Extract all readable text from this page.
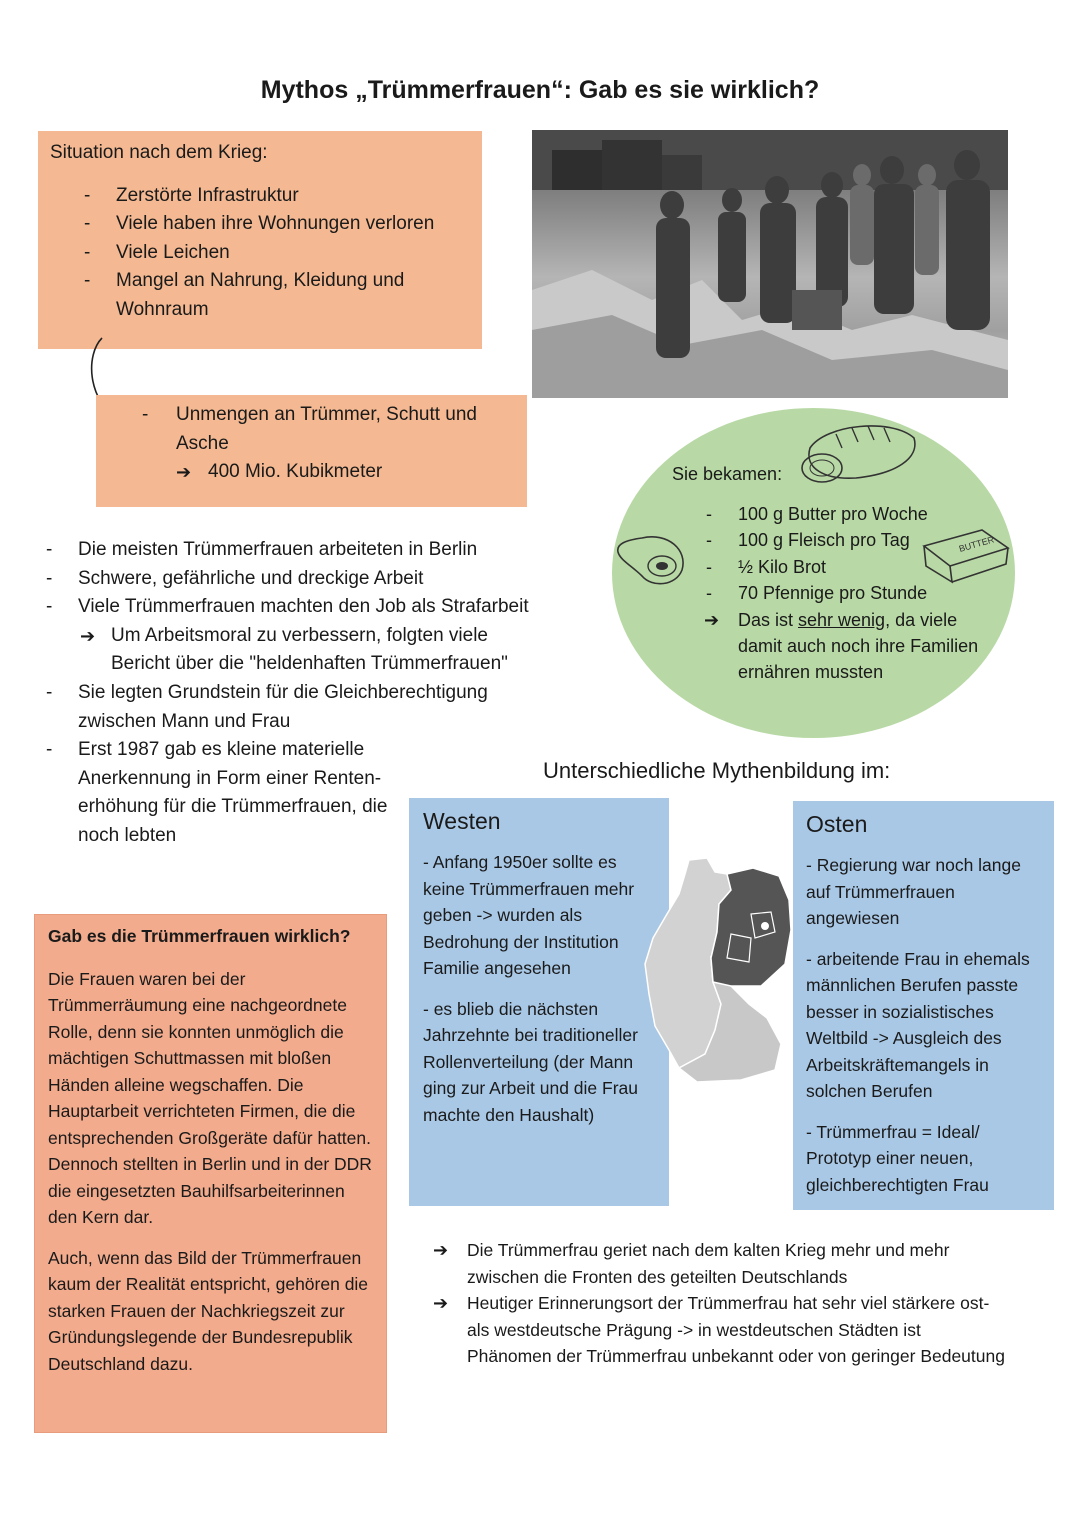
Mythos „Trümmerfrauen“: Gab es sie wirklich?
Situation nach dem Krieg:
- Zerstörte Infrastruktur
- Viele haben ihre Wohnungen verloren
- Viele Leichen
- Mangel an Nahrung, Kleidung und Wohnraum
- Unmengen an Trümmer, Schutt und Asche
➔ 400 Mio. Kubikmeter	Sie bekamen:
BUTTER
- 100 g Butter pro Woche
- 100 g Fleisch pro Tag
- ½ Kilo Brot
- 70 Pfennige pro Stunde
➔ Das ist sehr wenig, da viele damit auch noch ihre Familien ernähren mussten
- Die meisten Trümmerfrauen arbeiteten in Berlin
- Schwere, gefährliche und dreckige Arbeit
- Viele Trümmerfrauen machten den Job als Strafarbeit
➔ Um Arbeitsmoral zu verbessern, folgten viele Bericht über die "heldenhaften Trümmerfrauen"
- Sie legten Grundstein für die Gleichberechtigung zwischen Mann und Frau
- Erst 1987 gab es kleine materielle Anerkennung in Form einer Renten-erhöhung für die Trümmerfrauen, die noch lebten
Unterschiedliche Mythenbildung im:
Westen
- Anfang 1950er sollte es keine Trümmerfrauen mehr geben -> wurden als Bedrohung der Institution Familie angesehen
- es blieb die nächsten Jahrzehnte bei traditioneller Rollenverteilung (der Mann ging zur Arbeit und die Frau machte den Haushalt)
Osten
- Regierung war noch lange auf Trümmerfrauen angewiesen
- arbeitende Frau in ehemals männlichen Berufen passte besser in sozialistisches Weltbild -> Ausgleich des Arbeitskräftemangels in solchen Berufen
- Trümmerfrau = Ideal/ Prototyp einer neuen, gleichberechtigten Frau
Gab es die Trümmerfrauen wirklich?
Die Frauen waren bei der Trümmerräumung eine nachgeordnete Rolle, denn sie konnten unmöglich die mächtigen Schuttmassen mit bloßen Händen alleine wegschaffen. Die Hauptarbeit verrichteten Firmen, die die entsprechenden Großgeräte dafür hatten. Dennoch stellten in Berlin und in der DDR die eingesetzten Bauhilfsarbeiterinnen den Kern dar.
Auch, wenn das Bild der Trümmerfrauen kaum der Realität entspricht, gehören die starken Frauen der Nachkriegszeit zur Gründungslegende der Bundesrepublik Deutschland dazu.
➔ Die Trümmerfrau geriet nach dem kalten Krieg mehr und mehr zwischen die Fronten des geteilten Deutschlands
➔ Heutiger Erinnerungsort der Trümmerfrau hat sehr viel stärkere ost- als westdeutsche Prägung -> in westdeutschen Städten ist Phänomen der Trümmerfrau unbekannt oder von geringer Bedeutung
